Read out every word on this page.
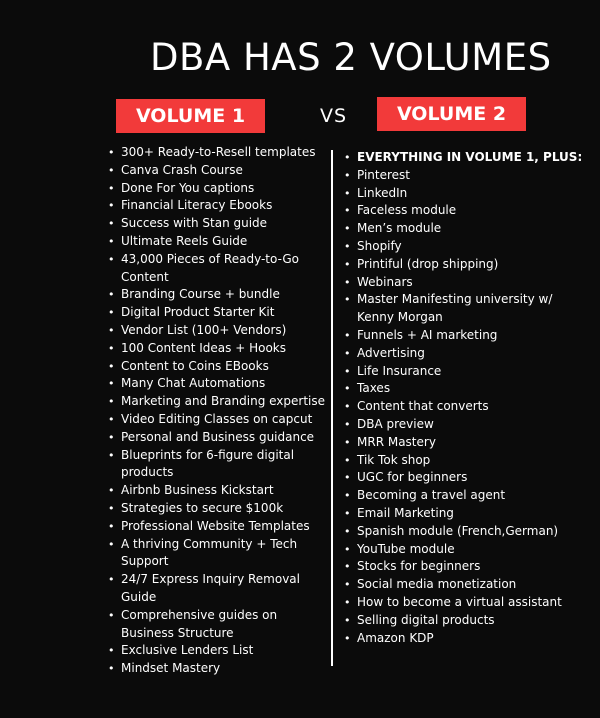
DBA HAS 2 VOLUMES
VOLUME 1	VS	VOLUME 2
• 300+ Ready-to-Resell templates
• Canva Crash Course
• Done For You captions
• Financial Literacy Ebooks
• Success with Stan guide
• Ultimate Reels Guide
• 43,000 Pieces of Ready-to-Go Content
• Branding Course + bundle
• Digital Product Starter Kit
• Vendor List (100+ Vendors)
• 100 Content Ideas + Hooks
• Content to Coins EBooks
• Many Chat Automations
• Marketing and Branding expertise
• Video Editing Classes on capcut
• Personal and Business guidance
• Blueprints for 6-figure digital products
• Airbnb Business Kickstart
• Strategies to secure $100k
• Professional Website Templates
• A thriving Community + Tech Support
• 24/7 Express Inquiry Removal Guide
• Comprehensive guides on Business Structure
• Exclusive Lenders List
• Mindset Mastery
• EVERYTHING IN VOLUME 1, PLUS:
• Pinterest
• LinkedIn
• Faceless module
• Men’s module
• Shopify
• Printiful (drop shipping)
• Webinars
• Master Manifesting university w/ Kenny Morgan
• Funnels + AI marketing
• Advertising
• Life Insurance
• Taxes
• Content that converts
• DBA preview
• MRR Mastery
• Tik Tok shop
• UGC for beginners
• Becoming a travel agent
• Email Marketing
• Spanish module (French,German)
• YouTube module
• Stocks for beginners
• Social media monetization
• How to become a virtual assistant
• Selling digital products
• Amazon KDP
